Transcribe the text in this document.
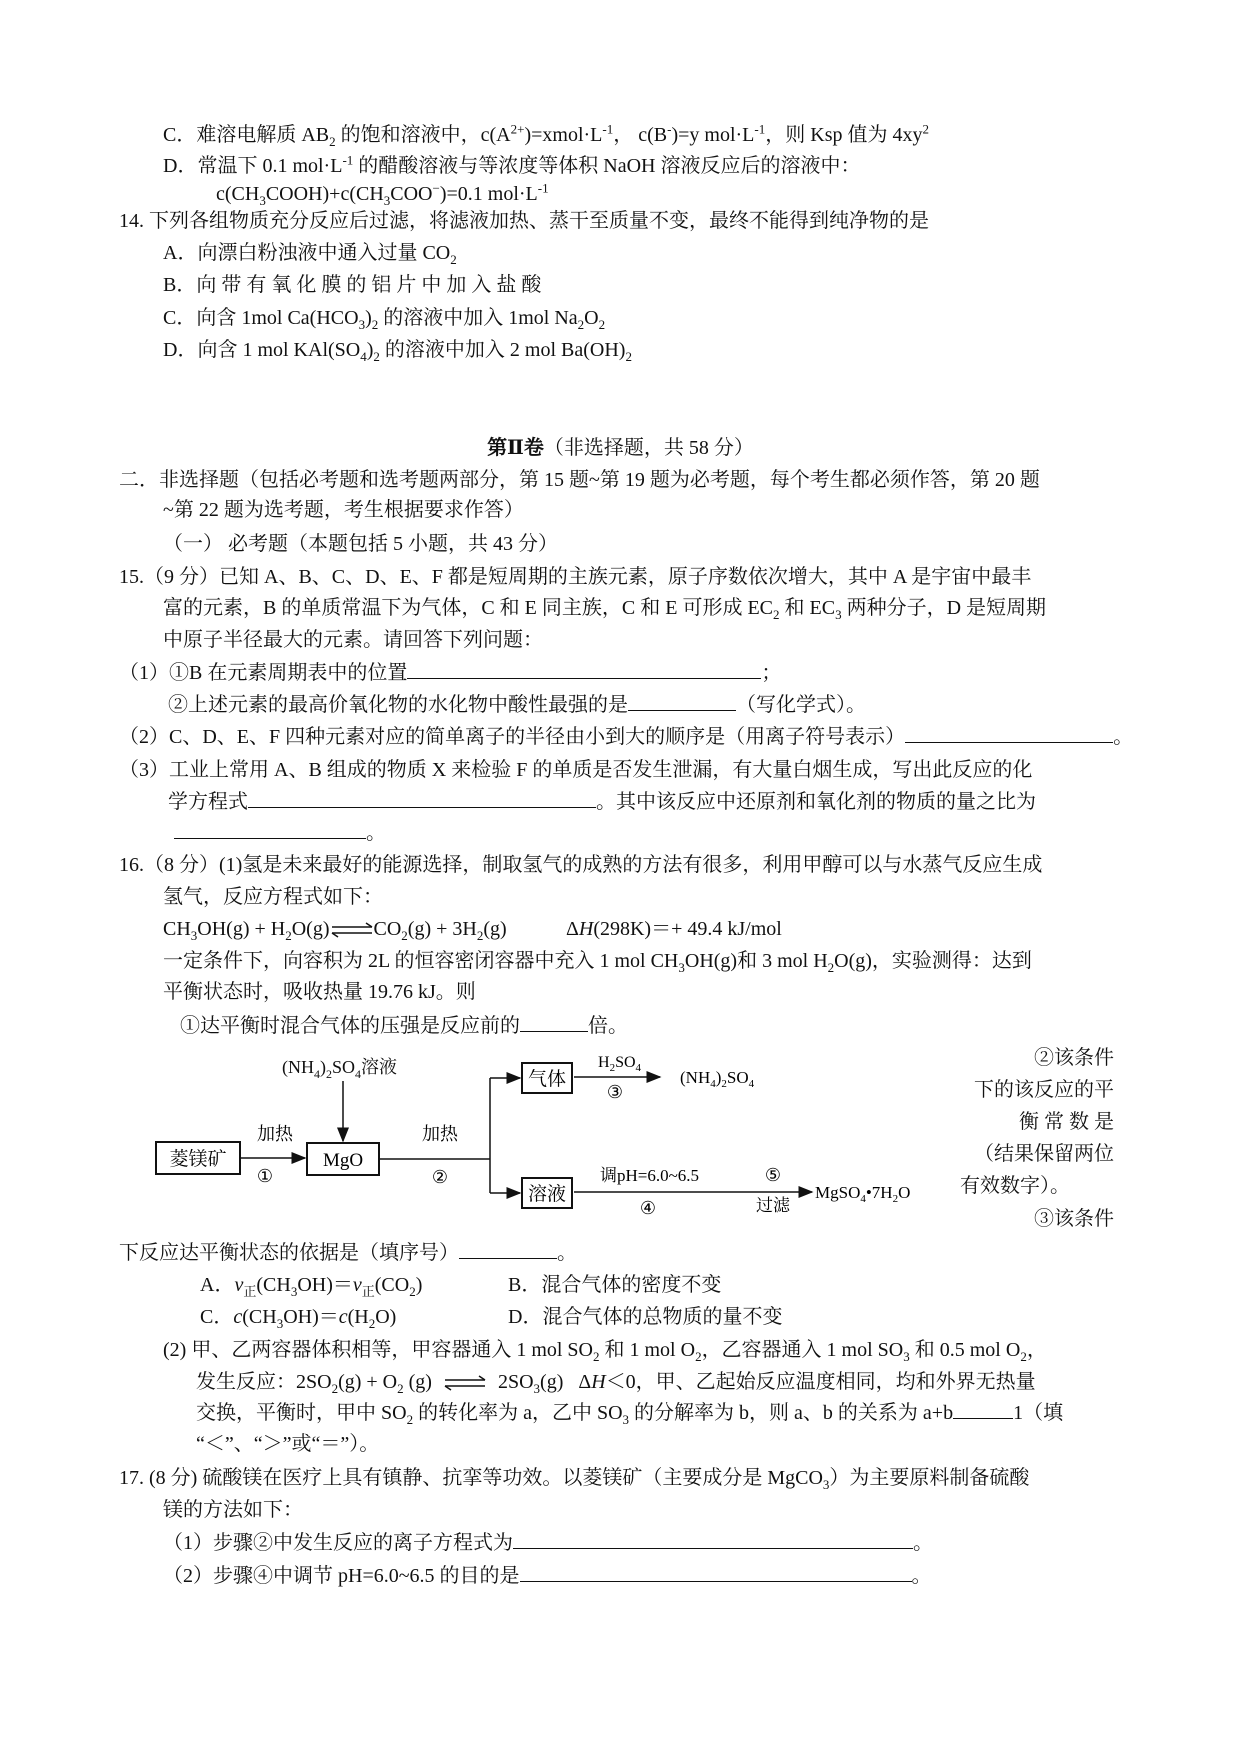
C．难溶电解质 $AB_2$ 的饱和溶液中，$c(A^{2+})=xmol\cdot L^{-1}$， c(B-)=y $mol\cdot L^{-1}$，则 Ksp 值为 $4xy^2$
D．常温下 0.1 $mol\cdot L^{-1}$ 的醋酸溶液与等浓度等体积 NaOH 溶液反应后的溶液中：
$c(CH_3COOH)+c(CH_3COO^-)=0.1$ $mol\cdot L^{-1}$
14. 下列各组物质充分反应后过滤，将滤液加热、蒸干至质量不变，最终不能得到纯净物的是
A．向漂白粉浊液中通入过量 $CO_2$
B．向 带 有 氧 化 膜 的 铝 片 中 加 入 盐 酸
C．向含 1mol $Ca(HCO_3)_2$ 的溶液中加入 1mol $Na_2O_2$
D．向含 1 mol $KAl(SO_4)_2$ 的溶液中加入 2 mol $Ba(OH)_2$
第Ⅱ卷（非选择题，共 58 分）
二．非选择题（包括必考题和选考题两部分，第 15 题~第 19 题为必考题，每个考生都必须作答，第 20 题
~第 22 题为选考题，考生根据要求作答）
（一） 必考题（本题包括 5 小题，共 43 分）
15.（9 分）已知 A、B、C、D、E、F 都是短周期的主族元素，原子序数依次增大，其中 A 是宇宙中最丰
富的元素，B 的单质常温下为气体，C 和 E 同主族，C 和 E 可形成 $EC_2$ 和 $EC_3$ 两种分子，D 是短周期
中原子半径最大的元素。请回答下列问题：
（1）①B 在元素周期表中的位置	；
②上述元素的最高价氧化物的水化物中酸性最强的是	（写化学式）。
（2）C、D、E、F 四种元素对应的简单离子的半径由小到大的顺序是（用离子符号表示）	。
（3）工业上常用 A、B 组成的物质 X 来检验 F 的单质是否发生泄漏，有大量白烟生成，写出此反应的化
学方程式	。其中该反应中还原剂和氧化剂的物质的量之比为
。
16.（8 分）(1)氢是未来最好的能源选择，制取氢气的成熟的方法有很多，利用甲醇可以与水蒸气反应生成
氢气，反应方程式如下：
$CH_3OH(g)$ + $H_2O(g)\rightleftharpoons CO_2(g) + 3H_2(g)$	ΔH(298K)＝+ 49.4 kJ/mol
一定条件下，向容积为 2L 的恒容密闭容器中充入 1 mol $CH_3OH(g)$和 3 mol $H_2O(g)$，实验测得：达到
平衡状态时，吸收热量 19.76 kJ。则
①达平衡时混合气体的压强是反应前的	倍。
②该条件
下的该反应的平
衡 常 数 是
（结果保留两位
有效数字）。
③该条件
$(NH_4)_2SO_4$溶液
菱镁矿
加热
①
MgO
加热
②
气体
$H_2SO_4$
③
$(NH_4)_2SO_4$
溶液
调pH=6.0~6.5
④
⑤
过滤
$MgSO_4•7H_2O$
下反应达平衡状态的依据是（填序号）	。
A．$v_正(CH_3OH)=v_正(CO_2)$	B．混合气体的密度不变
C．$c(CH_3OH)=c(H_2O)$	D．混合气体的总物质的量不变
(2) 甲、乙两容器体积相等，甲容器通入 1 mol $SO_2$ 和 1 mol $O_2$，乙容器通入 1 mol $SO_3$ 和 0.5 mol $O_2$，
发生反应：$2SO_2(g) + O_2$ (g) ⇌ $2SO_3(g)$ ΔH＜0，甲、乙起始反应温度相同，均和外界无热量
交换，平衡时，甲中 $SO_2$ 的转化率为 a，乙中 $SO_3$ 的分解率为 b，则 a、b 的关系为 a+b	1（填
“＜”、“＞”或“＝”）。
17. (8 分) 硫酸镁在医疗上具有镇静、抗挛等功效。以菱镁矿（主要成分是 MgCO$_3$）为主要原料制备硫酸
镁的方法如下：
（1）步骤②中发生反应的离子方程式为	。
（2）步骤④中调节 pH=6.0~6.5 的目的是	。
